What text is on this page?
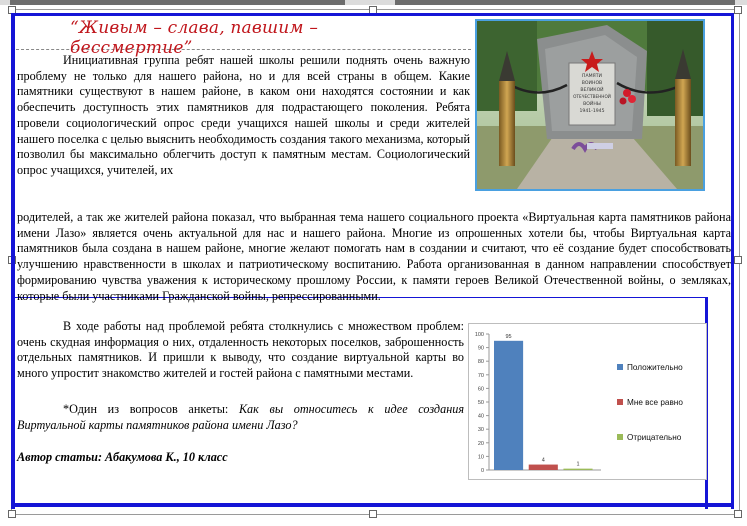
“Живым – слава, павшим – бессмертие”
ПАМЯТИ
ВОИНОВ
ВЕЛИКОЙ
ОТЕЧЕСТВЕННОЙ
ВОЙНЫ
1941-1945
Инициативная группа ребят нашей школы решили поднять очень важную проблему не только для нашего района, но и для всей страны в общем. Какие памятники существуют в нашем районе, в каком они находятся состоянии и как обеспечить доступность этих памятников для подрастающего поколения. Ребята провели социологический опрос среди учащихся нашей школы и среди жителей нашего поселка с целью выяснить необходимость создания такого механизма, который позволил бы максимально облегчить доступ к памятным местам. Социологический опрос учащихся, учителей, их
родителей, а так же жителей района показал, что выбранная тема нашего социального проекта «Виртуальная карта памятников района имени Лазо» является очень актуальной для нас и нашего района. Многие из опрошенных хотели бы, чтобы Виртуальная карта памятников была создана в нашем районе, многие желают помогать нам в создании и считают, что её создание будет способствовать улучшению нравственности в школах и патриотическому воспитанию. Работа организованная в данном направлении способствует формированию чувства уважения к историческому прошлому России, к памяти героев Великой Отечественной войны, о земляках, которые были участниками Гражданской войны, репрессированными.
В ходе работы над проблемой ребята столкнулись с множеством проблем: очень скудная информация о них, отдаленность некоторых поселков, заброшенность отдельных памятников. И пришли к выводу, что создание виртуальной карты во много упростит знакомство жителей и гостей района с памятными местами.
*Один из вопросов анкеты: Как вы относитесь к идее создания Виртуальной карты памятников района имени Лазо?
Автор статьи: Абакумова К., 10 класс
0
10
20
30
40
50
60
70
80
90
100	95
4
1
Положительно
Мне все равно
Отрицательно
